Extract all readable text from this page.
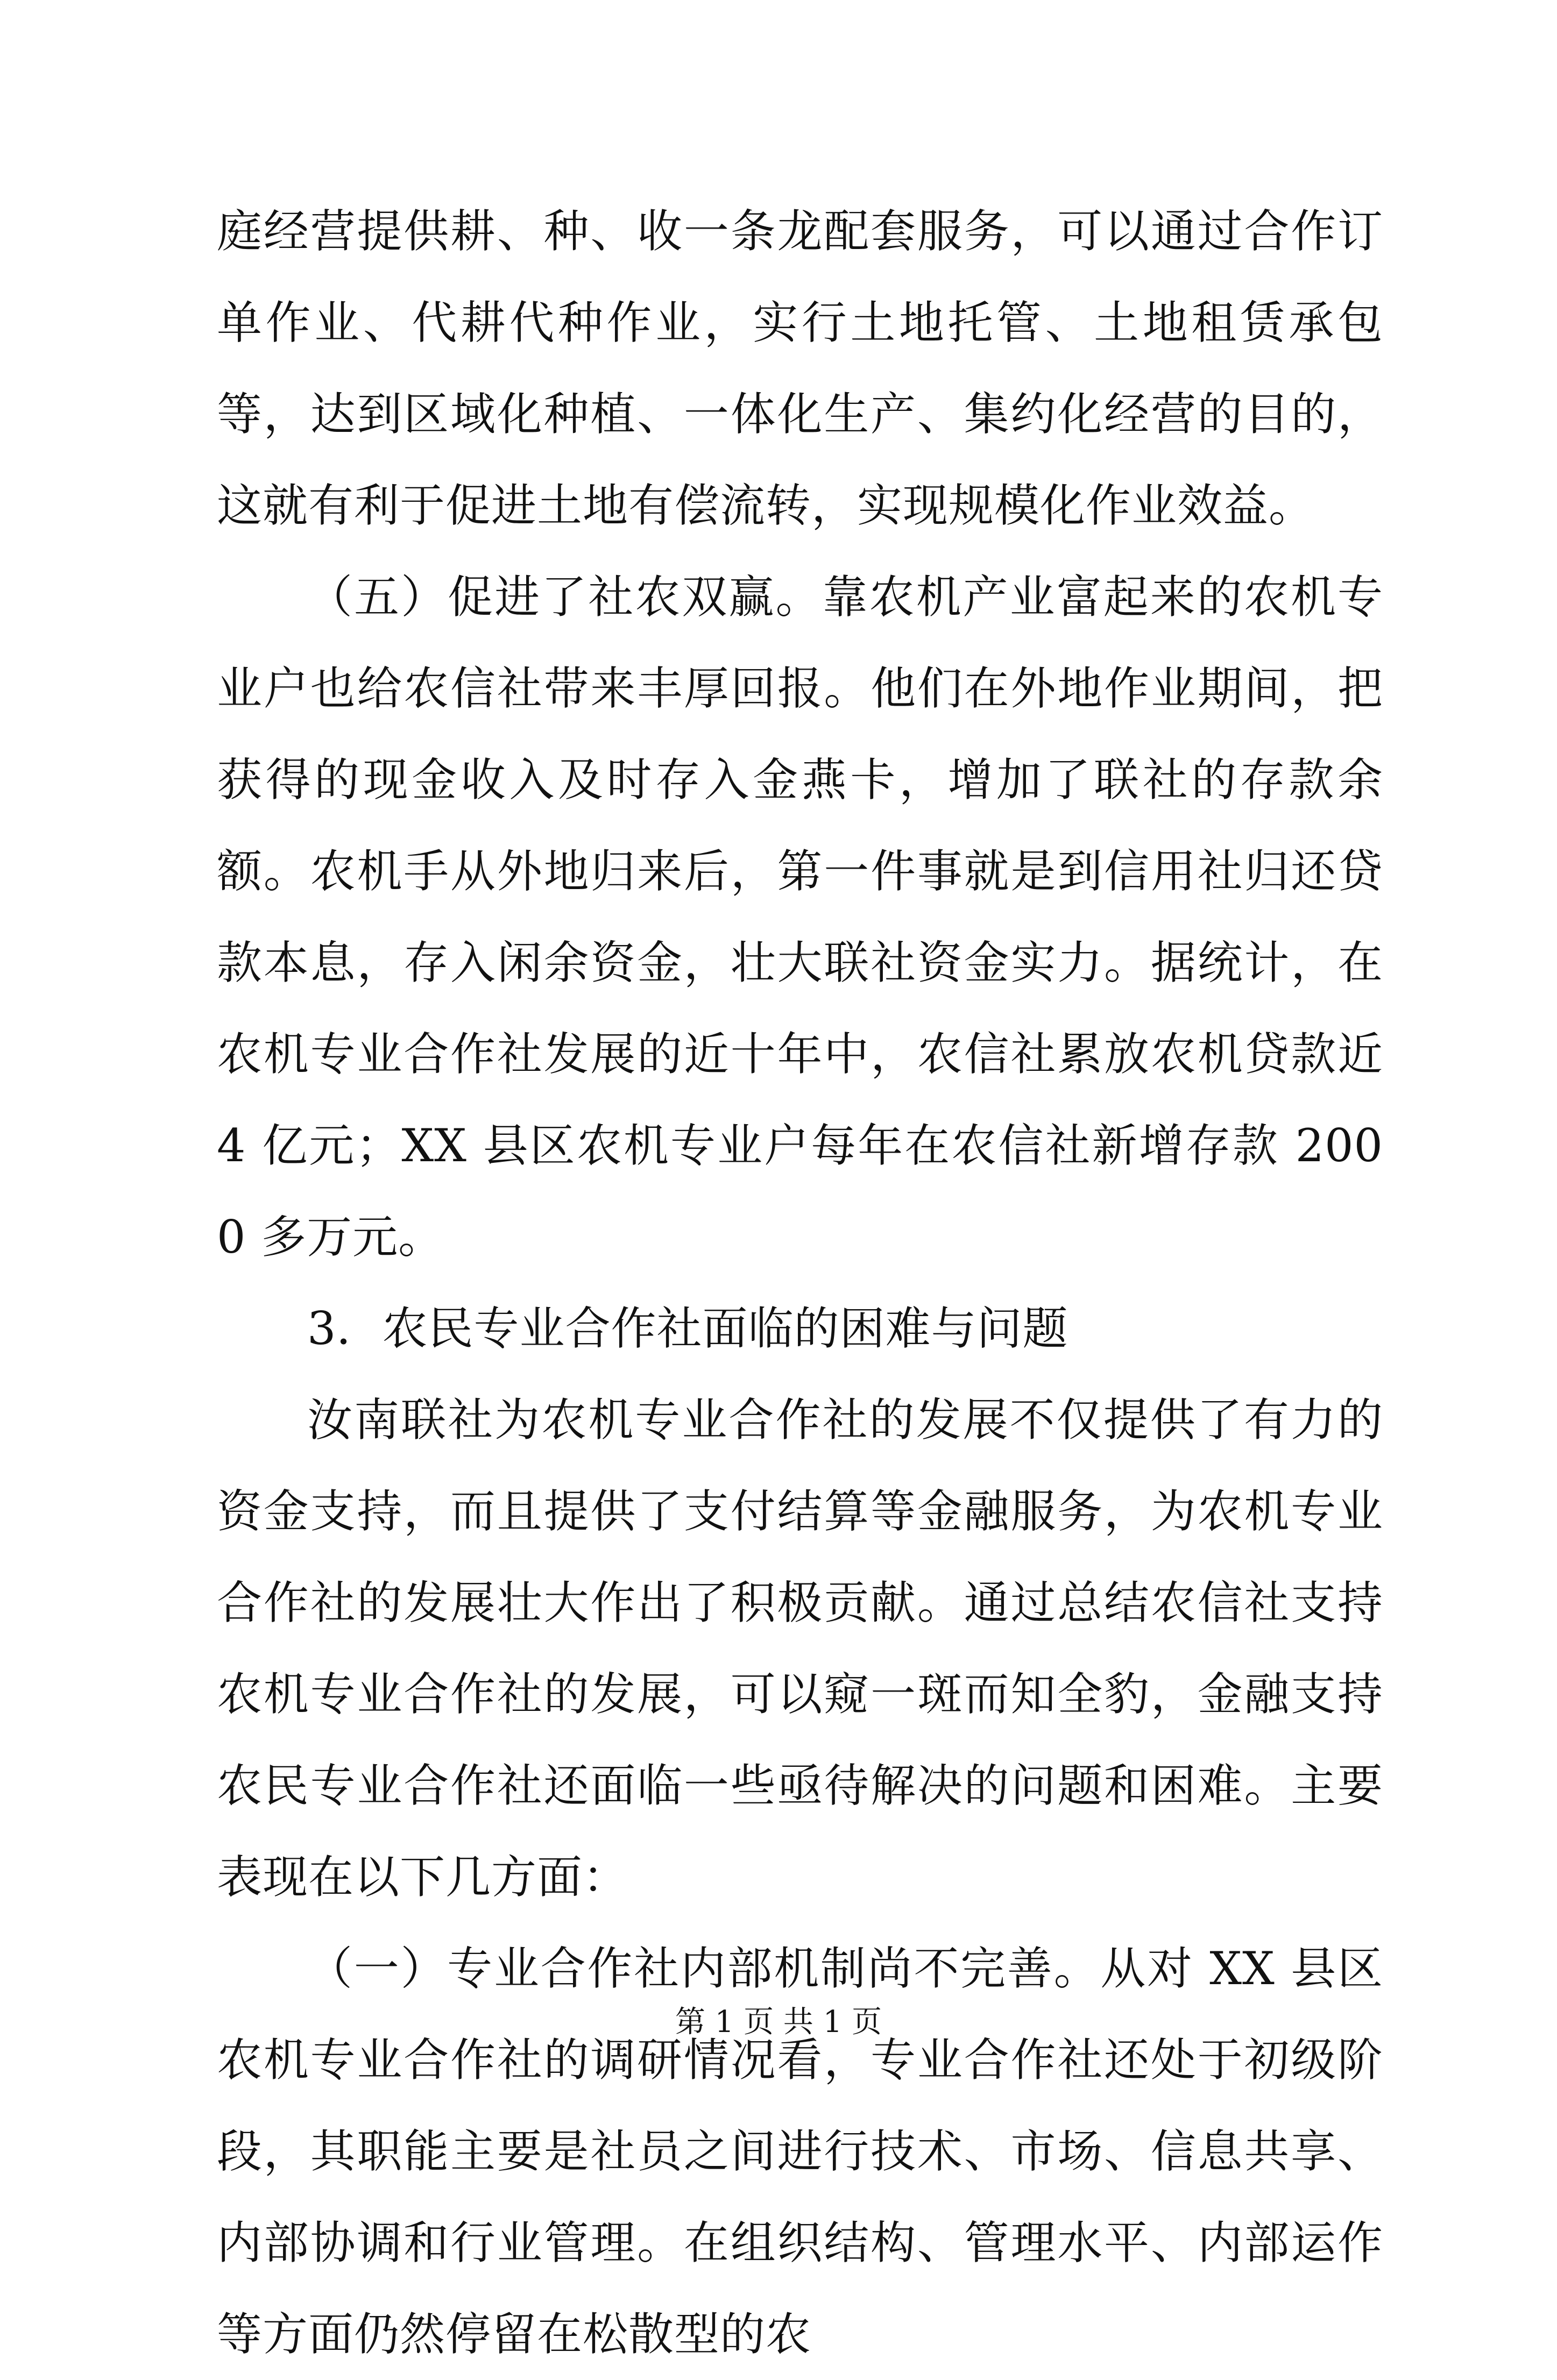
庭经营提供耕、种、收一条龙配套服务，可以通过合作订单作业、代耕代种作业，实行土地托管、土地租赁承包等，达到区域化种植、一体化生产、集约化经营的目的，这就有利于促进土地有偿流转，实现规模化作业效益。

（五）促进了社农双赢。靠农机产业富起来的农机专业户也给农信社带来丰厚回报。他们在外地作业期间，把获得的现金收入及时存入金燕卡，增加了联社的存款余额。农机手从外地归来后，第一件事就是到信用社归还贷款本息，存入闲余资金，壮大联社资金实力。据统计，在农机专业合作社发展的近十年中，农信社累放农机贷款近 4 亿元；XX 县区农机专业户每年在农信社新增存款 2000 多万元。

3．农民专业合作社面临的困难与问题

汝南联社为农机专业合作社的发展不仅提供了有力的资金支持，而且提供了支付结算等金融服务，为农机专业合作社的发展壮大作出了积极贡献。通过总结农信社支持农机专业合作社的发展，可以窥一斑而知全豹，金融支持农民专业合作社还面临一些亟待解决的问题和困难。主要表现在以下几方面：

（一）专业合作社内部机制尚不完善。从对 XX 县区农机专业合作社的调研情况看，专业合作社还处于初级阶段，其职能主要是社员之间进行技术、市场、信息共享、内部协调和行业管理。在组织结构、管理水平、内部运作等方面仍然停留在松散型的农

第 1 页 共 1 页
